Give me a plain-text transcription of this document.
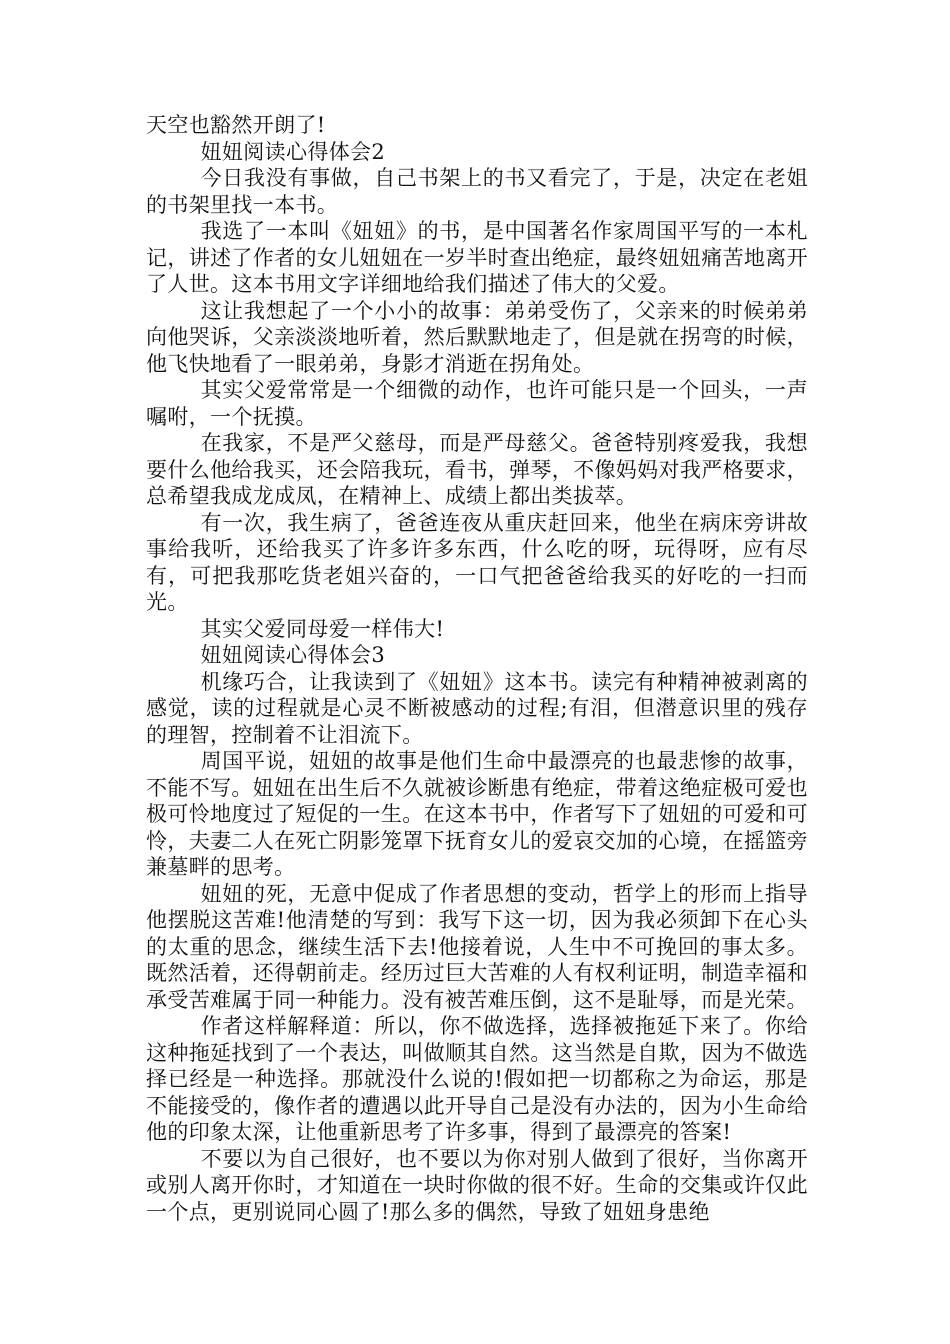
天空也豁然开朗了!

妞妞阅读心得体会2

今日我没有事做，自己书架上的书又看完了，于是，决定在老姐的书架里找一本书。

我选了一本叫《妞妞》的书，是中国著名作家周国平写的一本札记，讲述了作者的女儿妞妞在一岁半时查出绝症，最终妞妞痛苦地离开了人世。这本书用文字详细地给我们描述了伟大的父爱。

这让我想起了一个小小的故事：弟弟受伤了，父亲来的时候弟弟向他哭诉，父亲淡淡地听着，然后默默地走了，但是就在拐弯的时候，他飞快地看了一眼弟弟，身影才消逝在拐角处。

其实父爱常常是一个细微的动作，也许可能只是一个回头，一声嘱咐，一个抚摸。

在我家，不是严父慈母，而是严母慈父。爸爸特别疼爱我，我想要什么他给我买，还会陪我玩，看书，弹琴，不像妈妈对我严格要求，总希望我成龙成凤，在精神上、成绩上都出类拔萃。

有一次，我生病了，爸爸连夜从重庆赶回来，他坐在病床旁讲故事给我听，还给我买了许多许多东西，什么吃的呀，玩得呀，应有尽有，可把我那吃货老姐兴奋的，一口气把爸爸给我买的好吃的一扫而光。

其实父爱同母爱一样伟大!

妞妞阅读心得体会3

机缘巧合，让我读到了《妞妞》这本书。读完有种精神被剥离的感觉，读的过程就是心灵不断被感动的过程;有泪，但潜意识里的残存的理智，控制着不让泪流下。

周国平说，妞妞的故事是他们生命中最漂亮的也最悲惨的故事，不能不写。妞妞在出生后不久就被诊断患有绝症，带着这绝症极可爱也极可怜地度过了短促的一生。在这本书中，作者写下了妞妞的可爱和可怜，夫妻二人在死亡阴影笼罩下抚育女儿的爱哀交加的心境，在摇篮旁兼墓畔的思考。

妞妞的死，无意中促成了作者思想的变动，哲学上的形而上指导他摆脱这苦难!他清楚的写到：我写下这一切，因为我必须卸下在心头的太重的思念，继续生活下去!他接着说，人生中不可挽回的事太多。既然活着，还得朝前走。经历过巨大苦难的人有权利证明，制造幸福和承受苦难属于同一种能力。没有被苦难压倒，这不是耻辱，而是光荣。

作者这样解释道：所以，你不做选择，选择被拖延下来了。你给这种拖延找到了一个表达，叫做顺其自然。这当然是自欺，因为不做选择已经是一种选择。那就没什么说的!假如把一切都称之为命运，那是不能接受的，像作者的遭遇以此开导自己是没有办法的，因为小生命给他的印象太深，让他重新思考了许多事，得到了最漂亮的答案!

不要以为自己很好，也不要以为你对别人做到了很好，当你离开或别人离开你时，才知道在一块时你做的很不好。生命的交集或许仅此一个点，更别说同心圆了!那么多的偶然，导致了妞妞身患绝
